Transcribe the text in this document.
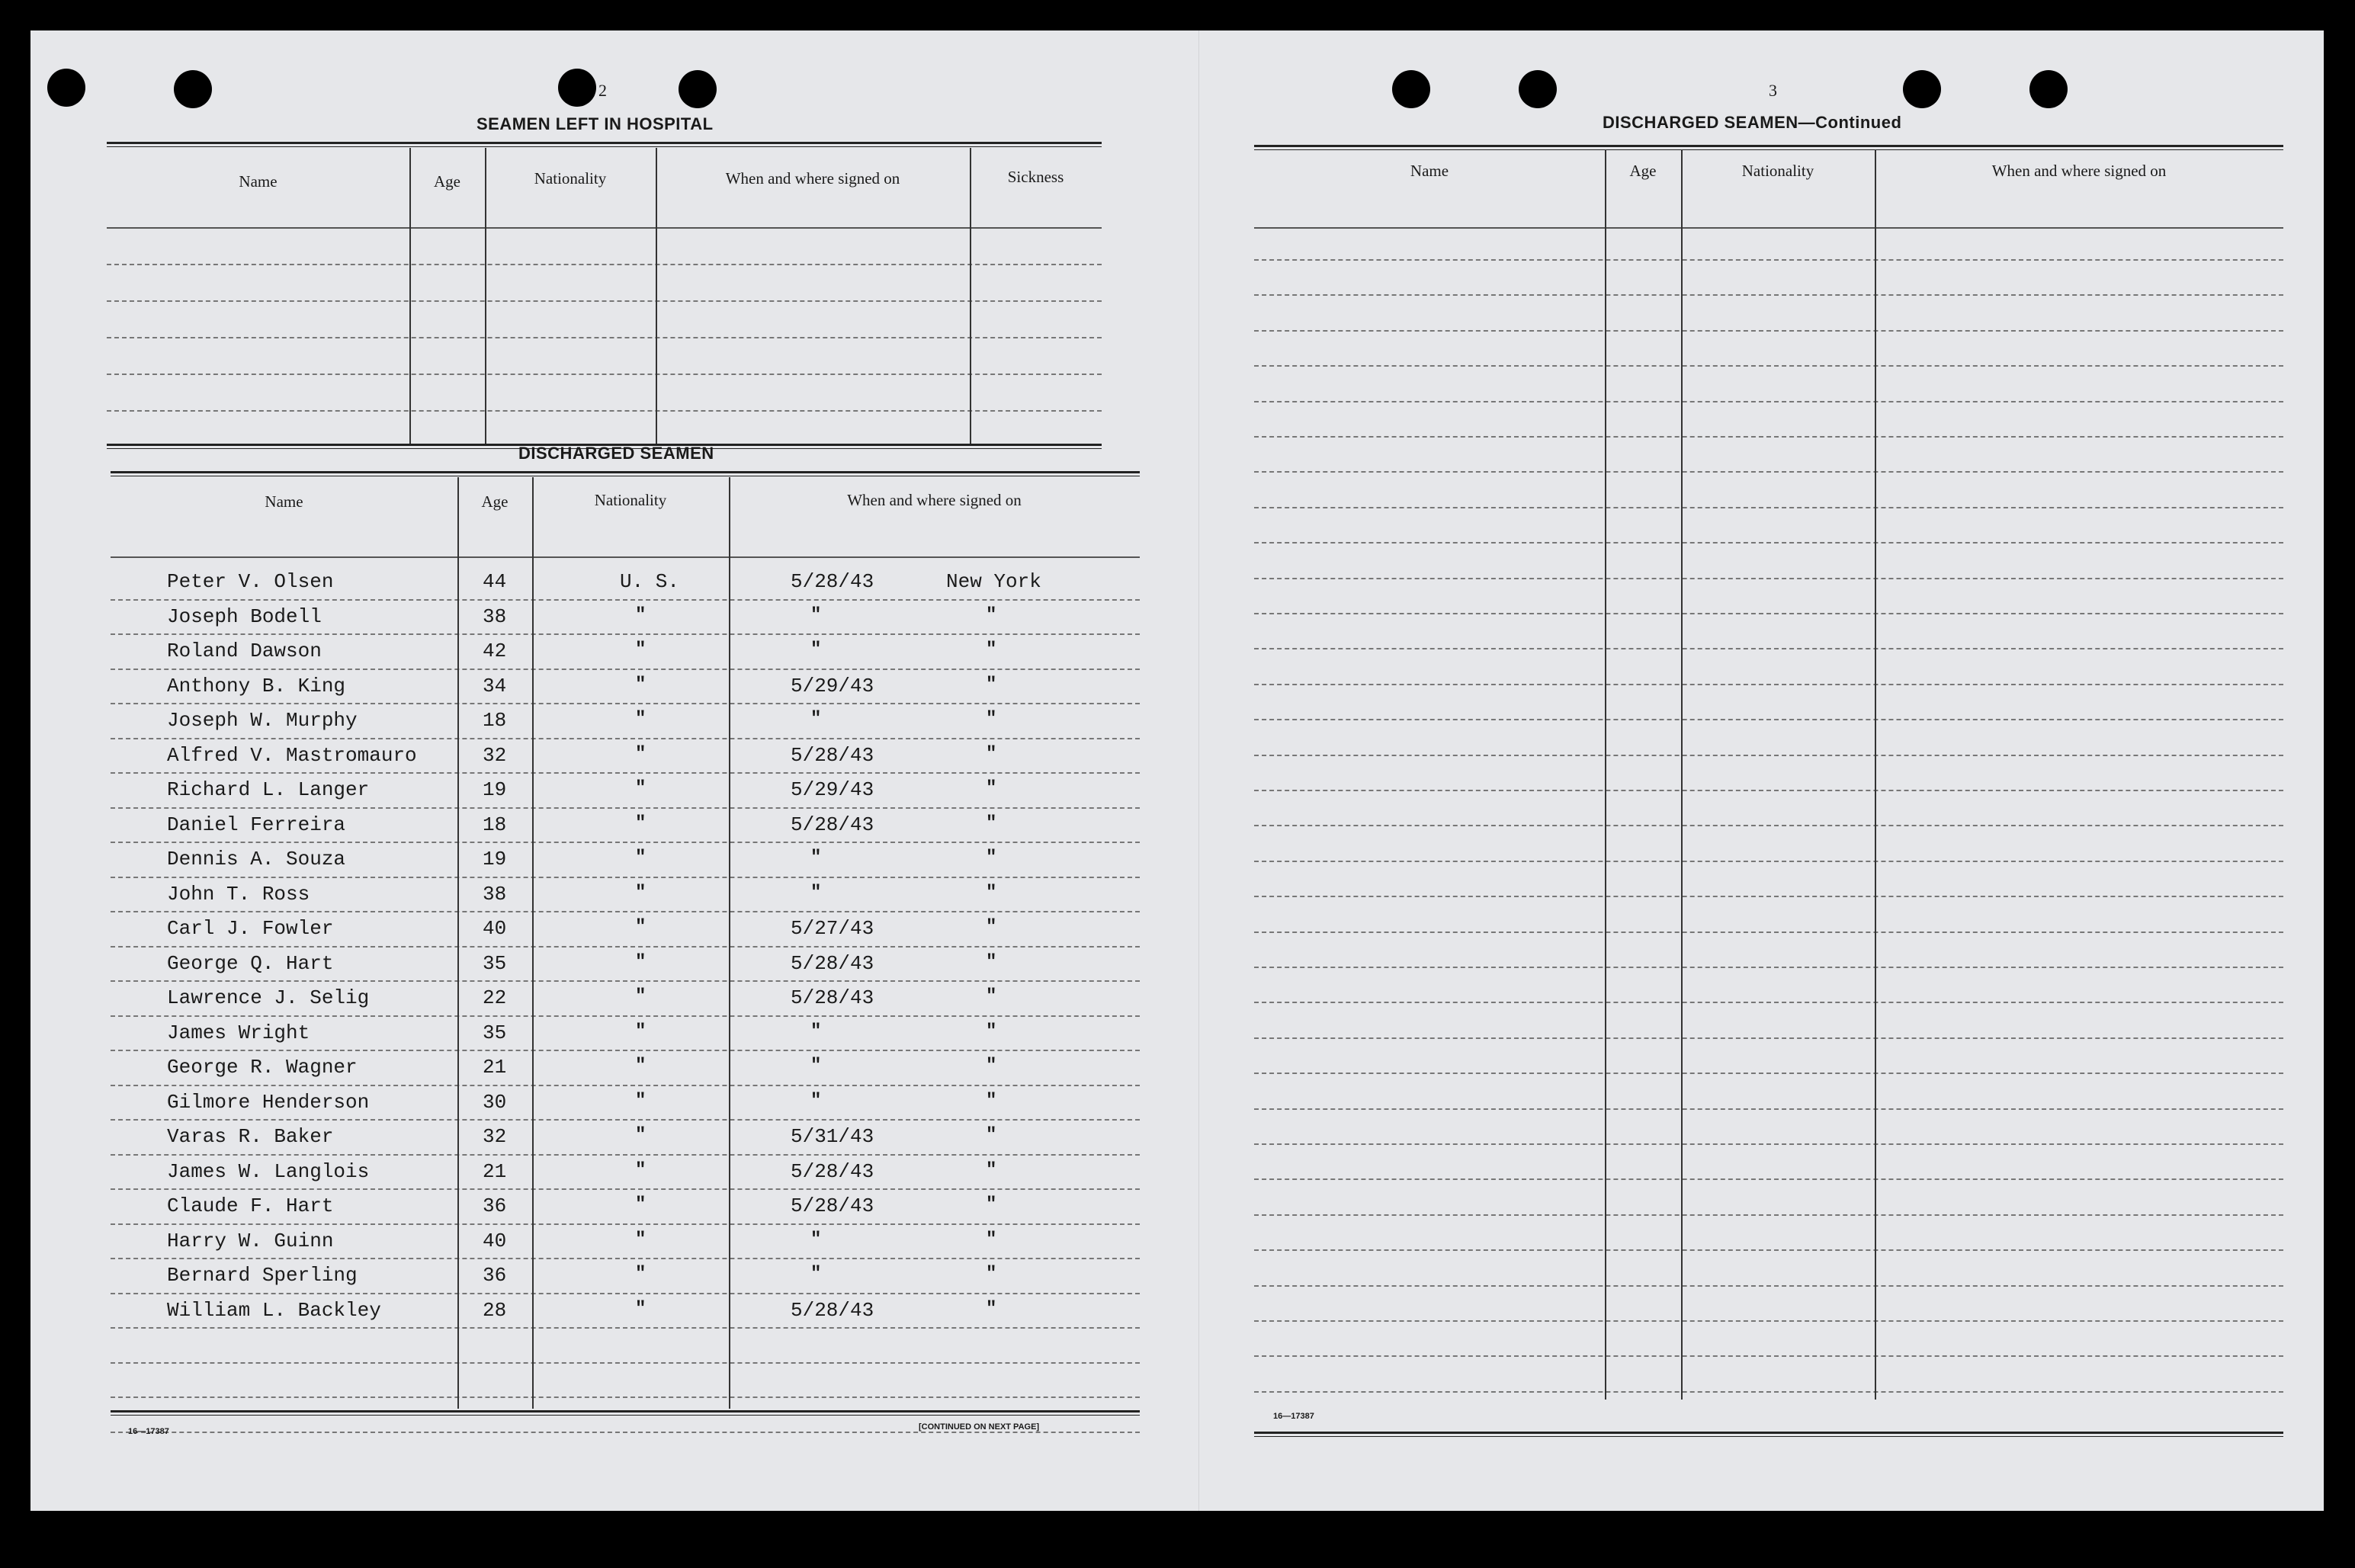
2
SEAMEN LEFT IN HOSPITAL
Name	Age	Nationality	When and where signed on	Sickness
DISCHARGED SEAMEN
Name	Age	Nationality	When and where signed on
Peter V. Olsen	44	U. S.	5/28/43	New York
Joseph Bodell	38	"	"	"
Roland Dawson	42	"	"	"
Anthony B. King	34	"	5/29/43	"
Joseph W. Murphy	18	"	"	"
Alfred V. Mastromauro	32	"	5/28/43	"
Richard L. Langer	19	"	5/29/43	"
Daniel Ferreira	18	"	5/28/43	"
Dennis A. Souza	19	"	"	"
John T. Ross	38	"	"	"
Carl J. Fowler	40	"	5/27/43	"
George Q. Hart	35	"	5/28/43	"
Lawrence J. Selig	22	"	5/28/43	"
James Wright	35	"	"	"
George R. Wagner	21	"	"	"
Gilmore Henderson	30	"	"	"
Varas R. Baker	32	"	5/31/43	"
James W. Langlois	21	"	5/28/43	"
Claude F. Hart	36	"	5/28/43	"
Harry W. Guinn	40	"	"	"
Bernard Sperling	36	"	"	"
William L. Backley	28	"	5/28/43	"
16—17387	[CONTINUED ON NEXT PAGE]
3
DISCHARGED SEAMEN—Continued
Name	Age	Nationality	When and where signed on
16—17387
